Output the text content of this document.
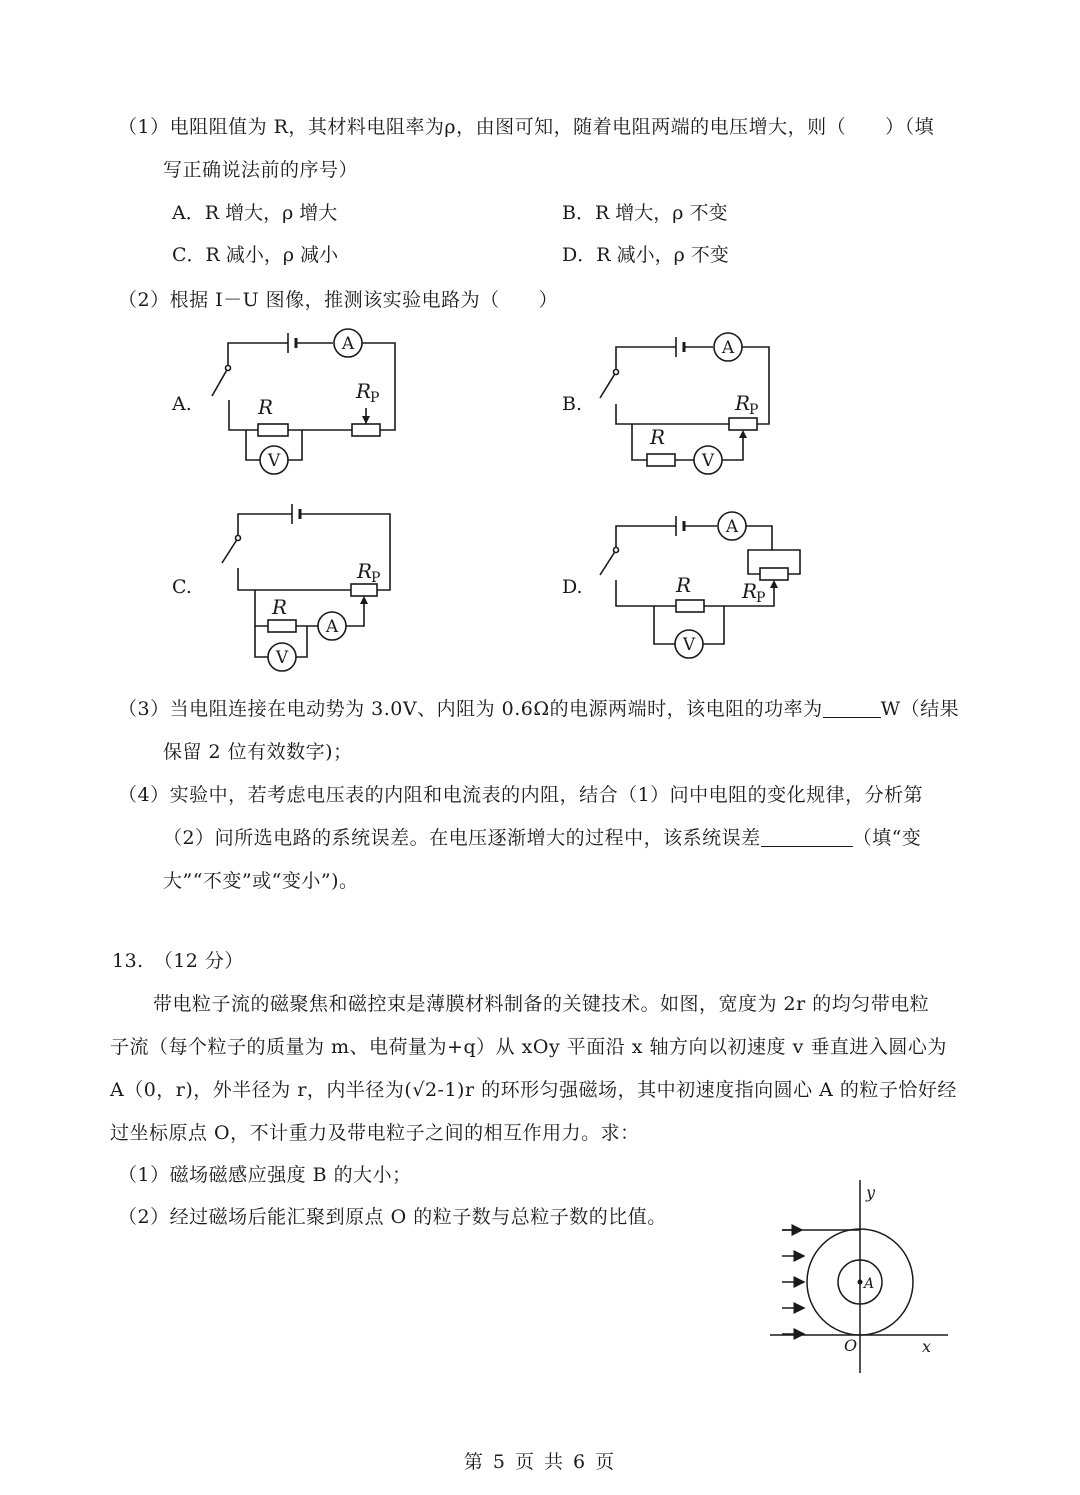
（1）电阻阻值为 R，其材料电阻率为ρ，由图可知，随着电阻两端的电压增大，则（　　）（填
写正确说法前的序号）
A．R 增大，ρ 增大	B．R 增大，ρ 不变
C．R 减小，ρ 减小	D．R 减小，ρ 不变
（2）根据 I－U 图像，推测该实验电路为（　　）
A.	B.
C.	D.
A
V
A
V
A
V
A
V
R
R
R
R
R
R
R	R
P
P
P
P
（3）当电阻连接在电动势为 3.0V、内阻为 0.6Ω的电源两端时，该电阻的功率为	W（结果
保留 2 位有效数字)；
（4）实验中，若考虑电压表的内阻和电流表的内阻，结合（1）问中电阻的变化规律，分析第
（2）问所选电路的系统误差。在电压逐渐增大的过程中，该系统误差	（填“变
大”“不变”或“变小”)。
13.　（12 分）
带电粒子流的磁聚焦和磁控束是薄膜材料制备的关键技术。如图，宽度为 2r 的均匀带电粒
子流（每个粒子的质量为 m、电荷量为+q）从 xOy 平面沿 x 轴方向以初速度 v 垂直进入圆心为
A（0，r)，外半径为 r，内半径为(√2-1)r 的环形匀强磁场，其中初速度指向圆心 A 的粒子恰好经
过坐标原点 O，不计重力及带电粒子之间的相互作用力。求：
（1）磁场磁感应强度 B 的大小；
（2）经过磁场后能汇聚到原点 O 的粒子数与总粒子数的比值。
y
x
O
A
第 5 页 共 6 页
